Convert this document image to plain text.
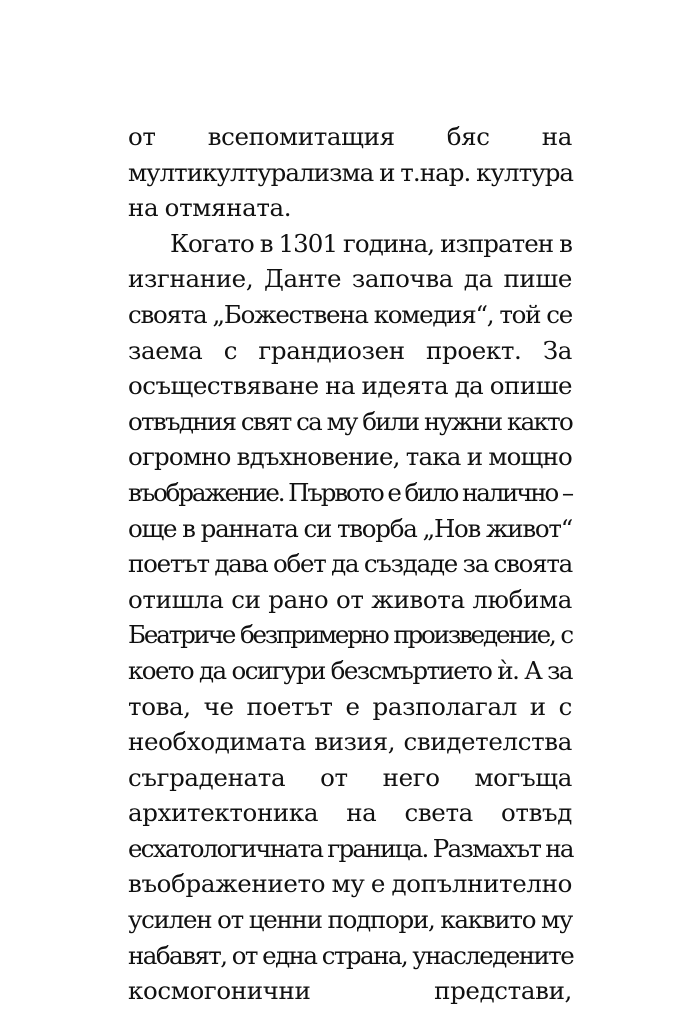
от всепомитащия бяс на
мултикултурализма и т.нар. култура
на отмяната.
Когато в 1301 година, изпратен в
изгнание, Данте започва да пише
своята „Божествена комедия“, той се
заема с грандиозен проект. За
осъществяване на идеята да опише
отвъдния свят са му били нужни както
огромно вдъхновение, така и мощно
въображение. Първото е било налично –
още в ранната си творба „Нов живот“
поетът дава обет да създаде за своята
отишла си рано от живота любима
Беатриче безпримерно произведение, с
което да осигури безсмъртието ѝ. А за
това, че поетът е разполагал и с
необходимата визия, свидетелства
съградената от него могъща
архитектоника на света отвъд
есхатологичната граница. Размахът на
въображението му е допълнително
усилен от ценни подпори, каквито му
набавят, от една страна, унаследените
космогонични представи,
